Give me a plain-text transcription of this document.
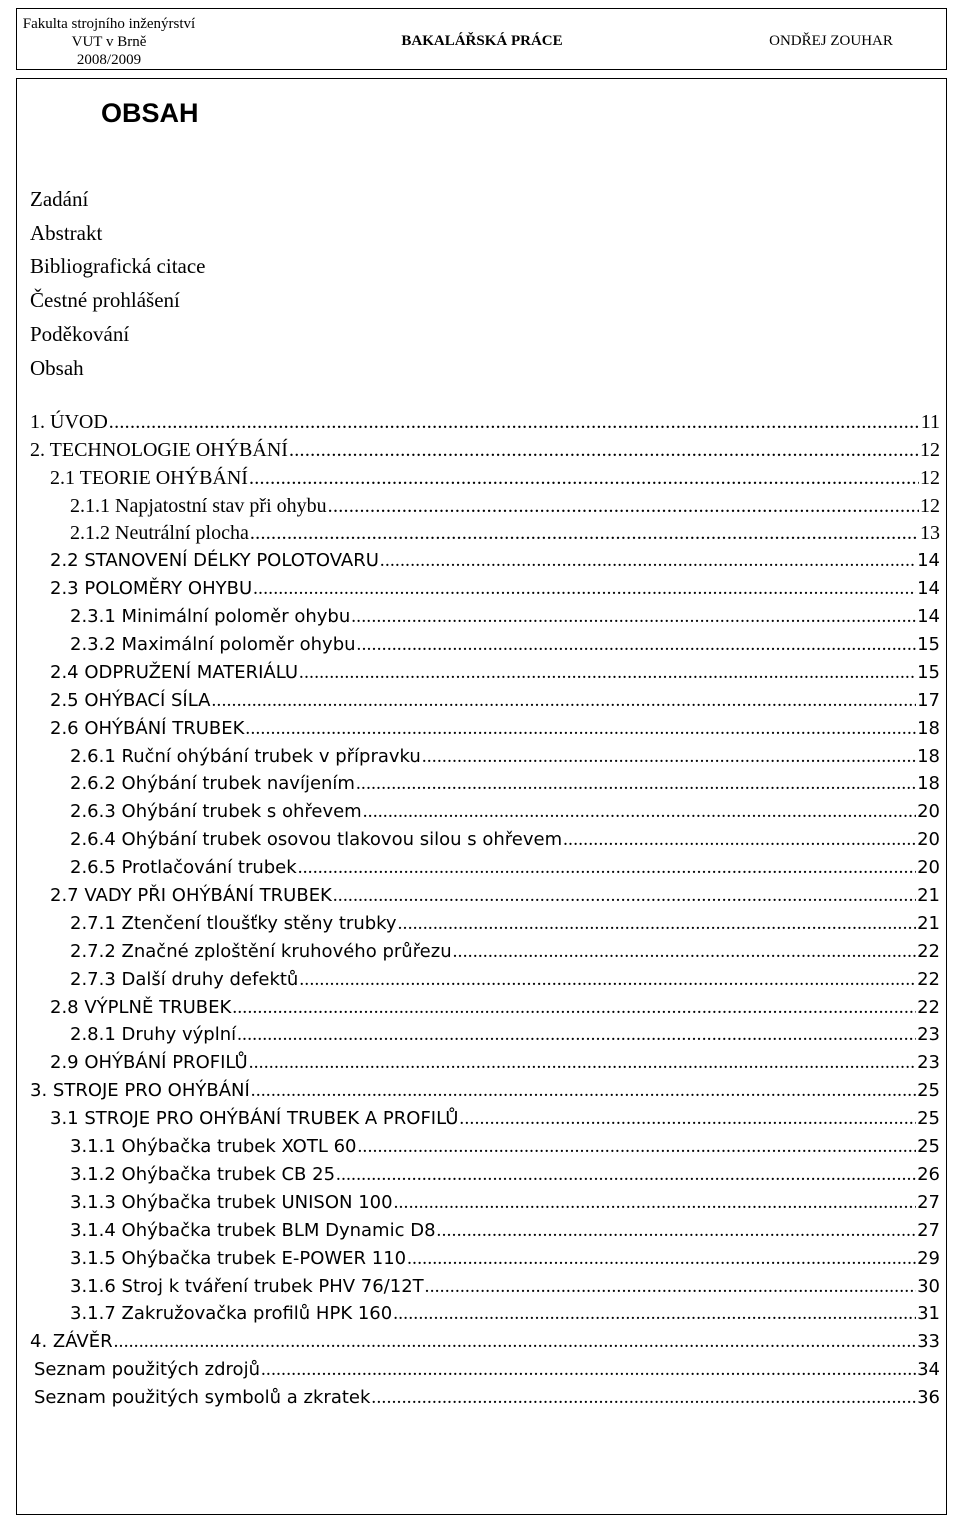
Fakulta strojního inženýrství
VUT v Brně
2008/2009
BAKALÁŘSKÁ PRÁCE	ONDŘEJ ZOUHAR
OBSAH
Zadání
Abstrakt
Bibliografická citace
Čestné prohlášení
Poděkování
Obsah
1. ÚVOD .....	11
2. TECHNOLOGIE OHÝBÁNÍ .....	12
2.1 TEORIE OHÝBÁNÍ .....	12
2.1.1 Napjatostní stav při ohybu .....	12
2.1.2 Neutrální plocha .....	13
2.2 STANOVENÍ DÉLKY POLOTOVARU .....	14
2.3 POLOMĚRY OHYBU .....	14
2.3.1 Minimální poloměr ohybu .....	14
2.3.2 Maximální poloměr ohybu .....	15
2.4 ODPRUŽENÍ MATERIÁLU .....	15
2.5 OHÝBACÍ SÍLA .....	17
2.6 OHÝBÁNÍ TRUBEK .....	18
2.6.1 Ruční ohýbání trubek v přípravku .....	18
2.6.2 Ohýbání trubek navíjením .....	18
2.6.3 Ohýbání trubek s ohřevem .....	20
2.6.4 Ohýbání trubek osovou tlakovou silou s ohřevem .....	20
2.6.5 Protlačování trubek .....	20
2.7 VADY PŘI OHÝBÁNÍ TRUBEK .....	21
2.7.1 Ztenčení tloušťky stěny trubky .....	21
2.7.2 Značné zploštění kruhového průřezu .....	22
2.7.3 Další druhy defektů .....	22
2.8 VÝPLNĚ TRUBEK .....	22
2.8.1 Druhy výplní .....	23
2.9 OHÝBÁNÍ PROFILŮ .....	23
3. STROJE PRO OHÝBÁNÍ .....	25
3.1 STROJE PRO OHÝBÁNÍ TRUBEK A PROFILŮ .....	25
3.1.1 Ohýbačka trubek XOTL 60 .....	25
3.1.2 Ohýbačka trubek CB 25 .....	26
3.1.3 Ohýbačka trubek UNISON 100 .....	27
3.1.4 Ohýbačka trubek BLM Dynamic D8 .....	27
3.1.5 Ohýbačka trubek E-POWER 110 .....	29
3.1.6 Stroj k tváření trubek PHV 76/12T .....	30
3.1.7 Zakružovačka profilů HPK 160 .....	31
4. ZÁVĚR .....	33
Seznam použitých zdrojů .....	34
Seznam použitých symbolů a zkratek .....	36
